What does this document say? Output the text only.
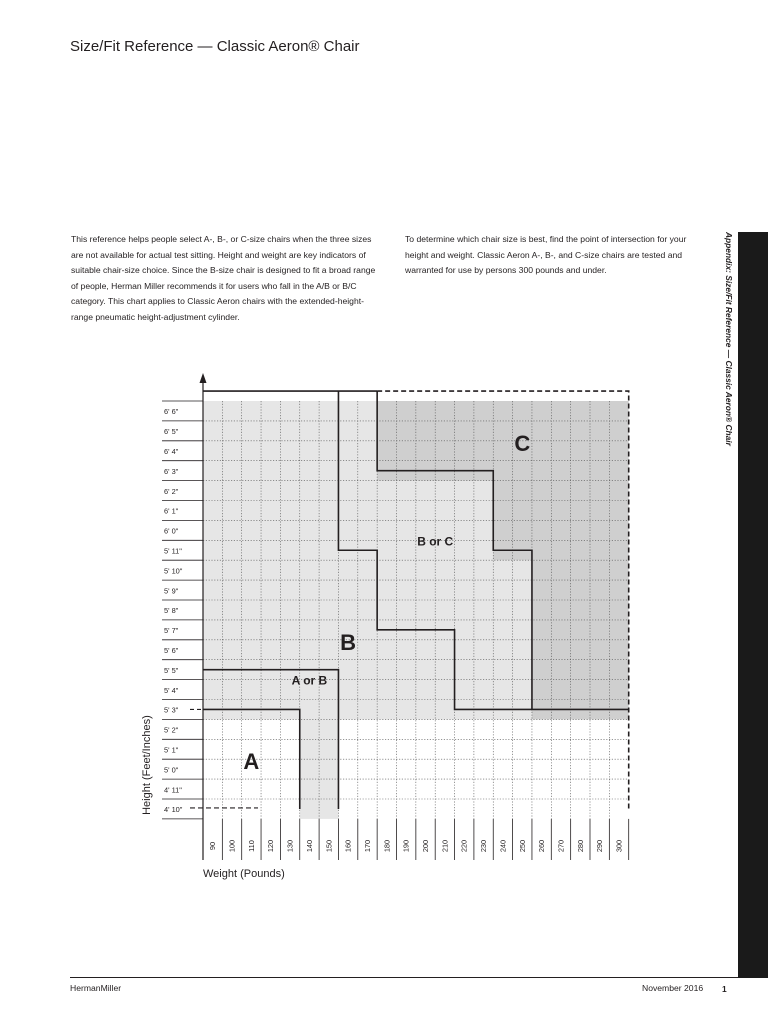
Size/Fit Reference — Classic Aeron® Chair
This reference helps people select A-, B-, or C-size chairs when the three sizes are not available for actual test sitting. Height and weight are key indicators of suitable chair-size choice. Since the B-size chair is designed to fit a broad range of people, Herman Miller recommends it for users who fall in the A/B or B/C category. This chart applies to Classic Aeron chairs with the extended-height-range pneumatic height-adjustment cylinder.
To determine which chair size is best, find the point of intersection for your height and weight. Classic Aeron A-, B-, and C-size chairs are tested and warranted for use by persons 300 pounds and under.	Appendix: Size/Fit Reference — Classic Aeron® Chair
6' 6"
6' 5"
6' 4"
6' 3"
6' 2"
6' 1"
6' 0"
5' 11"
5' 10"
5' 9"
5' 8"
5' 7"
5' 6"
5' 5"
5' 4"
5' 3"
5' 2"
5' 1"
5' 0"
4' 11"
4' 10"
90 100 110 120 130 140 150 160 170 180 190 200 210 220 230 240 250 260 270 280 290 300
Weight (Pounds)
Height (Feet/Inches)	A
A or B
B
B or C
C
HermanMiller	November 2016 1
